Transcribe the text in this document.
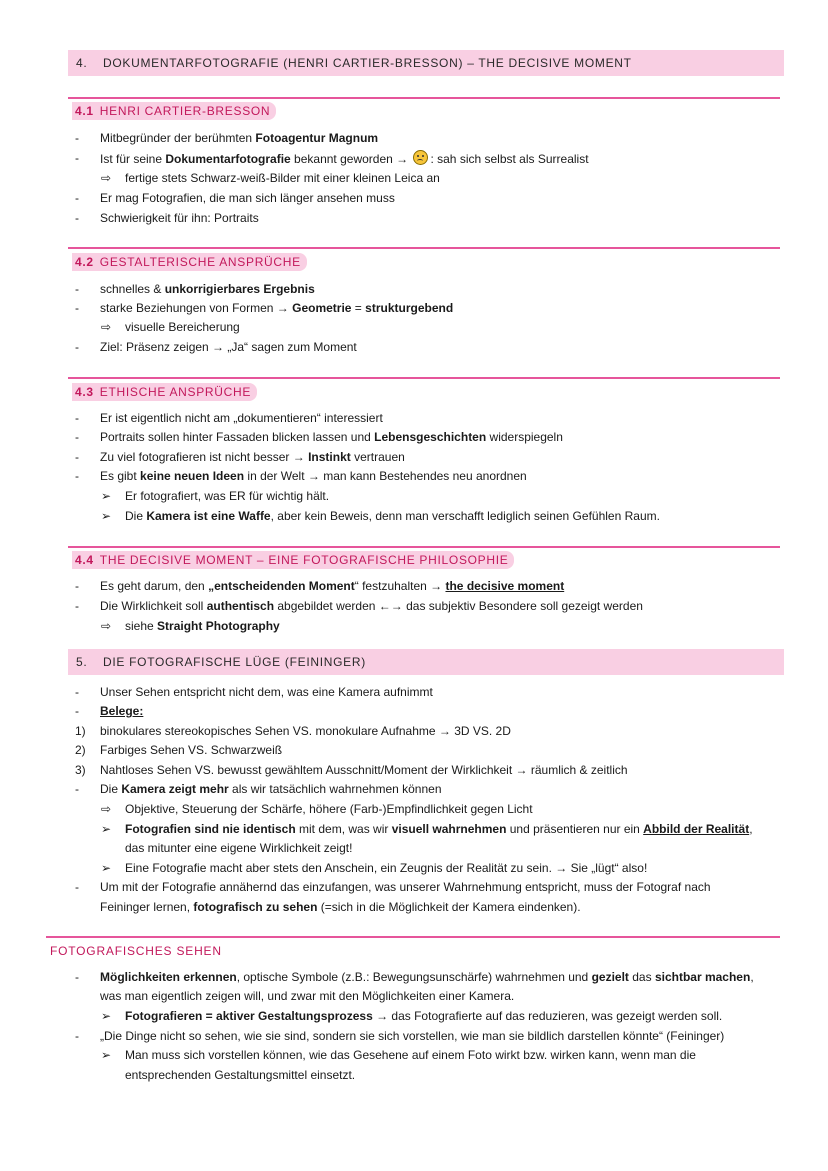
4.	DOKUMENTARFOTOGRAFIE (HENRI CARTIER-BRESSON) – THE DECISIVE MOMENT
4.1 HENRI CARTIER-BRESSON
- Mitbegründer der berühmten Fotoagentur Magnum
- Ist für seine Dokumentarfotografie bekannt geworden → : sah sich selbst als Surrealist
⇨ fertige stets Schwarz-weiß-Bilder mit einer kleinen Leica an
- Er mag Fotografien, die man sich länger ansehen muss
- Schwierigkeit für ihn: Portraits
4.2 GESTALTERISCHE ANSPRÜCHE
- schnelles & unkorrigierbares Ergebnis
- starke Beziehungen von Formen → Geometrie = strukturgebend
⇨ visuelle Bereicherung
- Ziel: Präsenz zeigen → „Ja“ sagen zum Moment
4.3 ETHISCHE ANSPRÜCHE
- Er ist eigentlich nicht am „dokumentieren“ interessiert
- Portraits sollen hinter Fassaden blicken lassen und Lebensgeschichten widerspiegeln
- Zu viel fotografieren ist nicht besser → Instinkt vertrauen
- Es gibt keine neuen Ideen in der Welt → man kann Bestehendes neu anordnen
➢ Er fotografiert, was ER für wichtig hält.
➢ Die Kamera ist eine Waffe, aber kein Beweis, denn man verschafft lediglich seinen Gefühlen Raum.
4.4 THE DECISIVE MOMENT – EINE FOTOGRAFISCHE PHILOSOPHIE
- Es geht darum, den „entscheidenden Moment“ festzuhalten → the decisive moment
- Die Wirklichkeit soll authentisch abgebildet werden ←→ das subjektiv Besondere soll gezeigt werden
⇨ siehe Straight Photography
5.	DIE FOTOGRAFISCHE LÜGE (FEININGER)
- Unser Sehen entspricht nicht dem, was eine Kamera aufnimmt
- Belege:
1) binokulares stereokopisches Sehen VS. monokulare Aufnahme → 3D VS. 2D
2) Farbiges Sehen VS. Schwarzweiß
3) Nahtloses Sehen VS. bewusst gewähltem Ausschnitt/Moment der Wirklichkeit → räumlich & zeitlich
- Die Kamera zeigt mehr als wir tatsächlich wahrnehmen können
⇨ Objektive, Steuerung der Schärfe, höhere (Farb-)Empfindlichkeit gegen Licht
➢ Fotografien sind nie identisch mit dem, was wir visuell wahrnehmen und präsentieren nur ein Abbild der Realität,
das mitunter eine eigene Wirklichkeit zeigt!
➢ Eine Fotografie macht aber stets den Anschein, ein Zeugnis der Realität zu sein. → Sie „lügt“ also!
- Um mit der Fotografie annähernd das einzufangen, was unserer Wahrnehmung entspricht, muss der Fotograf nach
Feininger lernen, fotografisch zu sehen (=sich in die Möglichkeit der Kamera eindenken).
FOTOGRAFISCHES SEHEN
- Möglichkeiten erkennen, optische Symbole (z.B.: Bewegungsunschärfe) wahrnehmen und gezielt das sichtbar machen,
was man eigentlich zeigen will, und zwar mit den Möglichkeiten einer Kamera.
➢ Fotografieren = aktiver Gestaltungsprozess → das Fotografierte auf das reduzieren, was gezeigt werden soll.
- „Die Dinge nicht so sehen, wie sie sind, sondern sie sich vorstellen, wie man sie bildlich darstellen könnte“ (Feininger)
➢ Man muss sich vorstellen können, wie das Gesehene auf einem Foto wirkt bzw. wirken kann, wenn man die
entsprechenden Gestaltungsmittel einsetzt.
